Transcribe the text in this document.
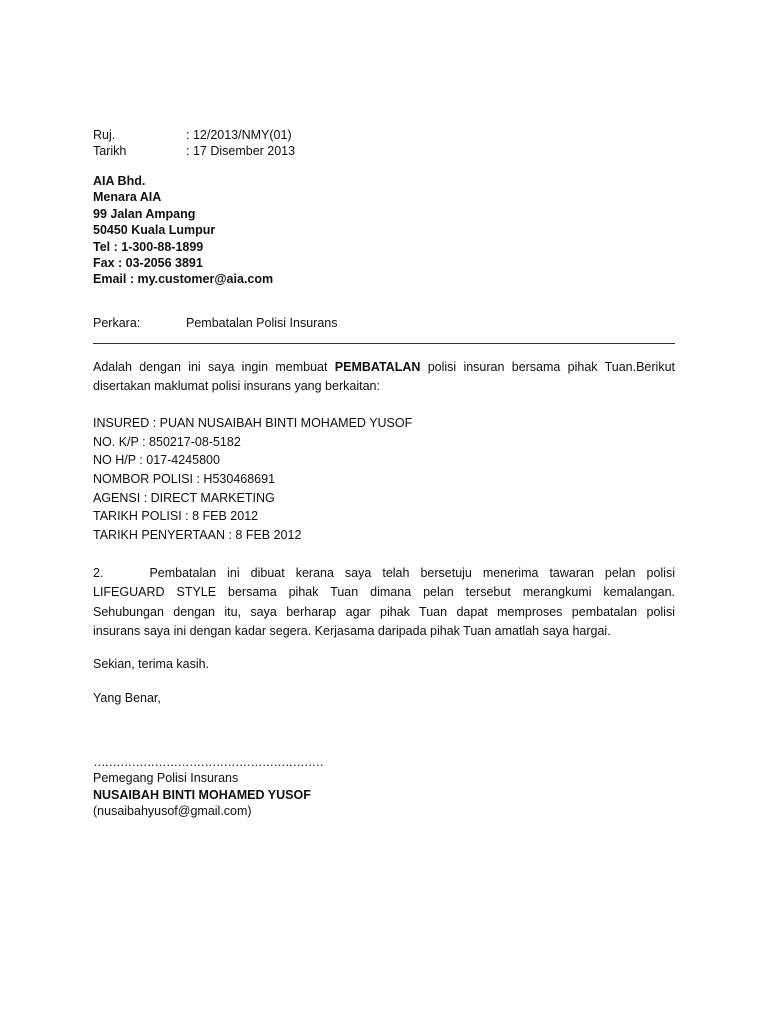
Ruj.	: 12/2013/NMY(01)
Tarikh	: 17 Disember 2013
AIA Bhd.
Menara AIA
99 Jalan Ampang
50450 Kuala Lumpur
Tel : 1-300-88-1899
Fax : 03-2056 3891
Email : my.customer@aia.com
Perkara:	Pembatalan Polisi Insurans
Adalah dengan ini saya ingin membuat PEMBATALAN polisi insuran bersama pihak Tuan.Berikut disertakan maklumat polisi insurans yang berkaitan:
INSURED : PUAN NUSAIBAH BINTI MOHAMED YUSOF
NO. K/P : 850217-08-5182
NO H/P : 017-4245800
NOMBOR POLISI : H530468691
AGENSI : DIRECT MARKETING
TARIKH POLISI : 8 FEB 2012
TARIKH PENYERTAAN : 8 FEB 2012
2.	Pembatalan ini dibuat kerana saya telah bersetuju menerima tawaran pelan polisi
LIFEGUARD STYLE bersama pihak Tuan dimana pelan tersebut merangkumi kemalangan.
Sehubungan dengan itu, saya berharap agar pihak Tuan dapat memproses pembatalan polisi
insurans saya ini dengan kadar segera. Kerjasama daripada pihak Tuan amatlah saya hargai.
Sekian, terima kasih.
Yang Benar,
……………………………………………………
Pemegang Polisi Insurans
NUSAIBAH BINTI MOHAMED YUSOF
(nusaibahyusof@gmail.com)
